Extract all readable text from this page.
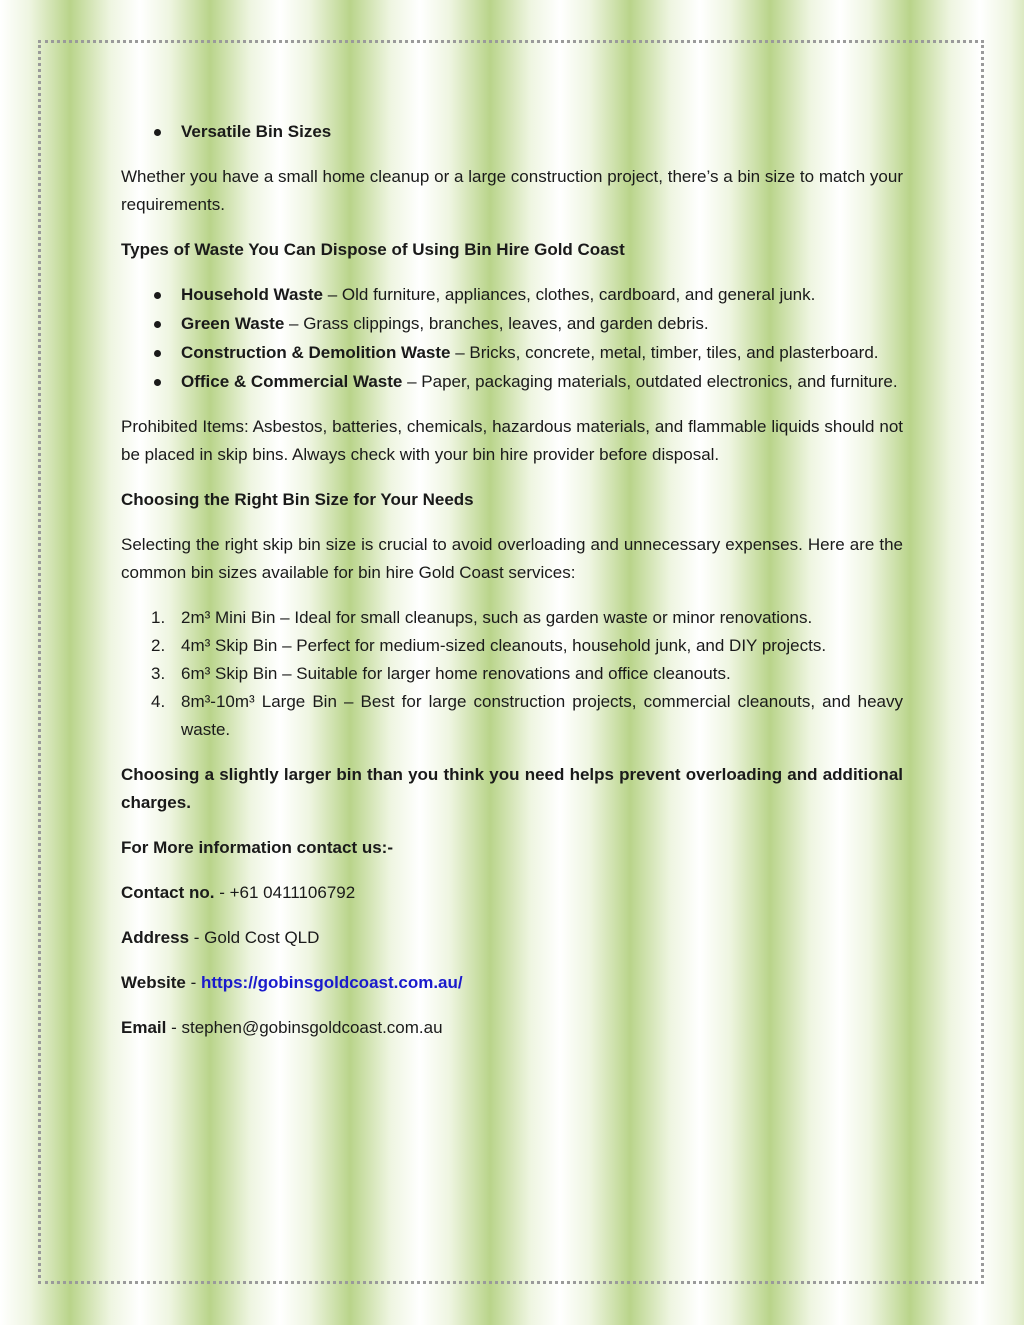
Versatile Bin Sizes

Whether you have a small home cleanup or a large construction project, there’s a bin size to match your requirements.

Types of Waste You Can Dispose of Using Bin Hire Gold Coast

Household Waste – Old furniture, appliances, clothes, cardboard, and general junk.
Green Waste – Grass clippings, branches, leaves, and garden debris.
Construction & Demolition Waste – Bricks, concrete, metal, timber, tiles, and plasterboard.
Office & Commercial Waste – Paper, packaging materials, outdated electronics, and furniture.

Prohibited Items: Asbestos, batteries, chemicals, hazardous materials, and flammable liquids should not be placed in skip bins. Always check with your bin hire provider before disposal.

Choosing the Right Bin Size for Your Needs

Selecting the right skip bin size is crucial to avoid overloading and unnecessary expenses. Here are the common bin sizes available for bin hire Gold Coast services:

1. 2m³ Mini Bin – Ideal for small cleanups, such as garden waste or minor renovations.
2. 4m³ Skip Bin – Perfect for medium-sized cleanouts, household junk, and DIY projects.
3. 6m³ Skip Bin – Suitable for larger home renovations and office cleanouts.
4. 8m³-10m³ Large Bin – Best for large construction projects, commercial cleanouts, and heavy waste.

Choosing a slightly larger bin than you think you need helps prevent overloading and additional charges.

For More information contact us:-

Contact no. - +61 0411106792

Address - Gold Cost QLD

Website - https://gobinsgoldcoast.com.au/

Email - stephen@gobinsgoldcoast.com.au
